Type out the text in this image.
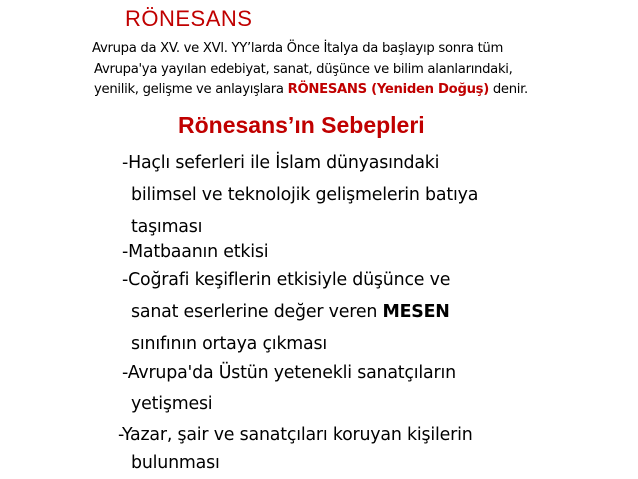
RÖNESANS
Avrupa da XV. ve XVl. YY’larda Önce İtalya da başlayıp sonra tüm
Avrupa'ya yayılan edebiyat, sanat, düşünce ve bilim alanlarındaki,
yenilik, gelişme ve anlayışlara RÖNESANS (Yeniden Doğuş) denir.
Rönesans’ın Sebepleri
-Haçlı seferleri ile İslam dünyasındaki
bilimsel ve teknolojik gelişmelerin batıya
taşıması
-Matbaanın etkisi
-Coğrafi keşiflerin etkisiyle düşünce ve
sanat eserlerine değer veren MESEN
sınıfının ortaya çıkması
-Avrupa'da Üstün yetenekli sanatçıların
yetişmesi
-Yazar, şair ve sanatçıları koruyan kişilerin
bulunması
